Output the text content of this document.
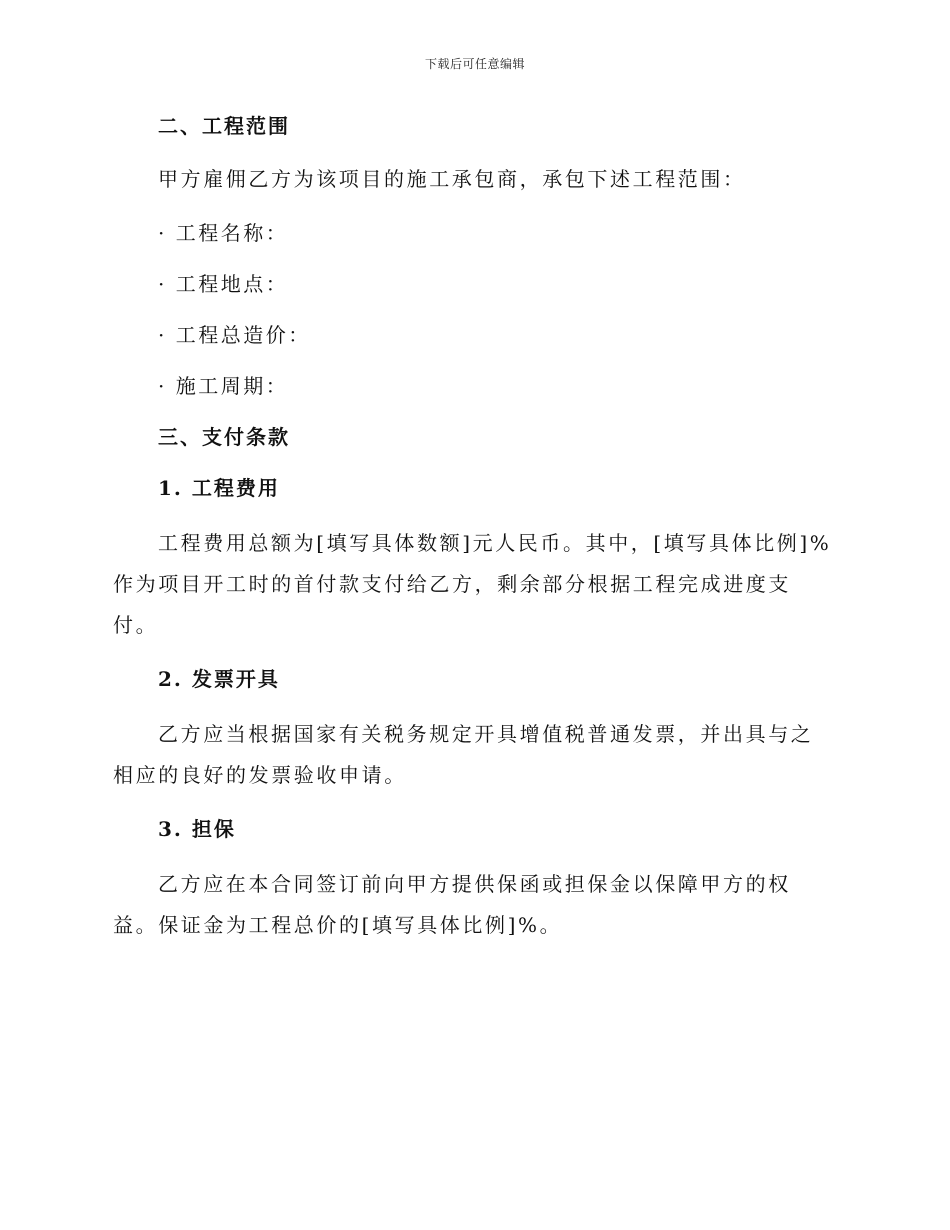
下载后可任意编辑
二、工程范围

甲方雇佣乙方为该项目的施工承包商，承包下述工程范围：

· 工程名称：
· 工程地点：
· 工程总造价：
· 施工周期：
三、支付条款
1. 工程费用

工程费用总额为[填写具体数额]元人民币。其中，[填写具体比例]%作为项目开工时的首付款支付给乙方，剩余部分根据工程完成进度支付。

2. 发票开具

乙方应当根据国家有关税务规定开具增值税普通发票，并出具与之相应的良好的发票验收申请。

3. 担保

乙方应在本合同签订前向甲方提供保函或担保金以保障甲方的权益。保证金为工程总价的[填写具体比例]%。
